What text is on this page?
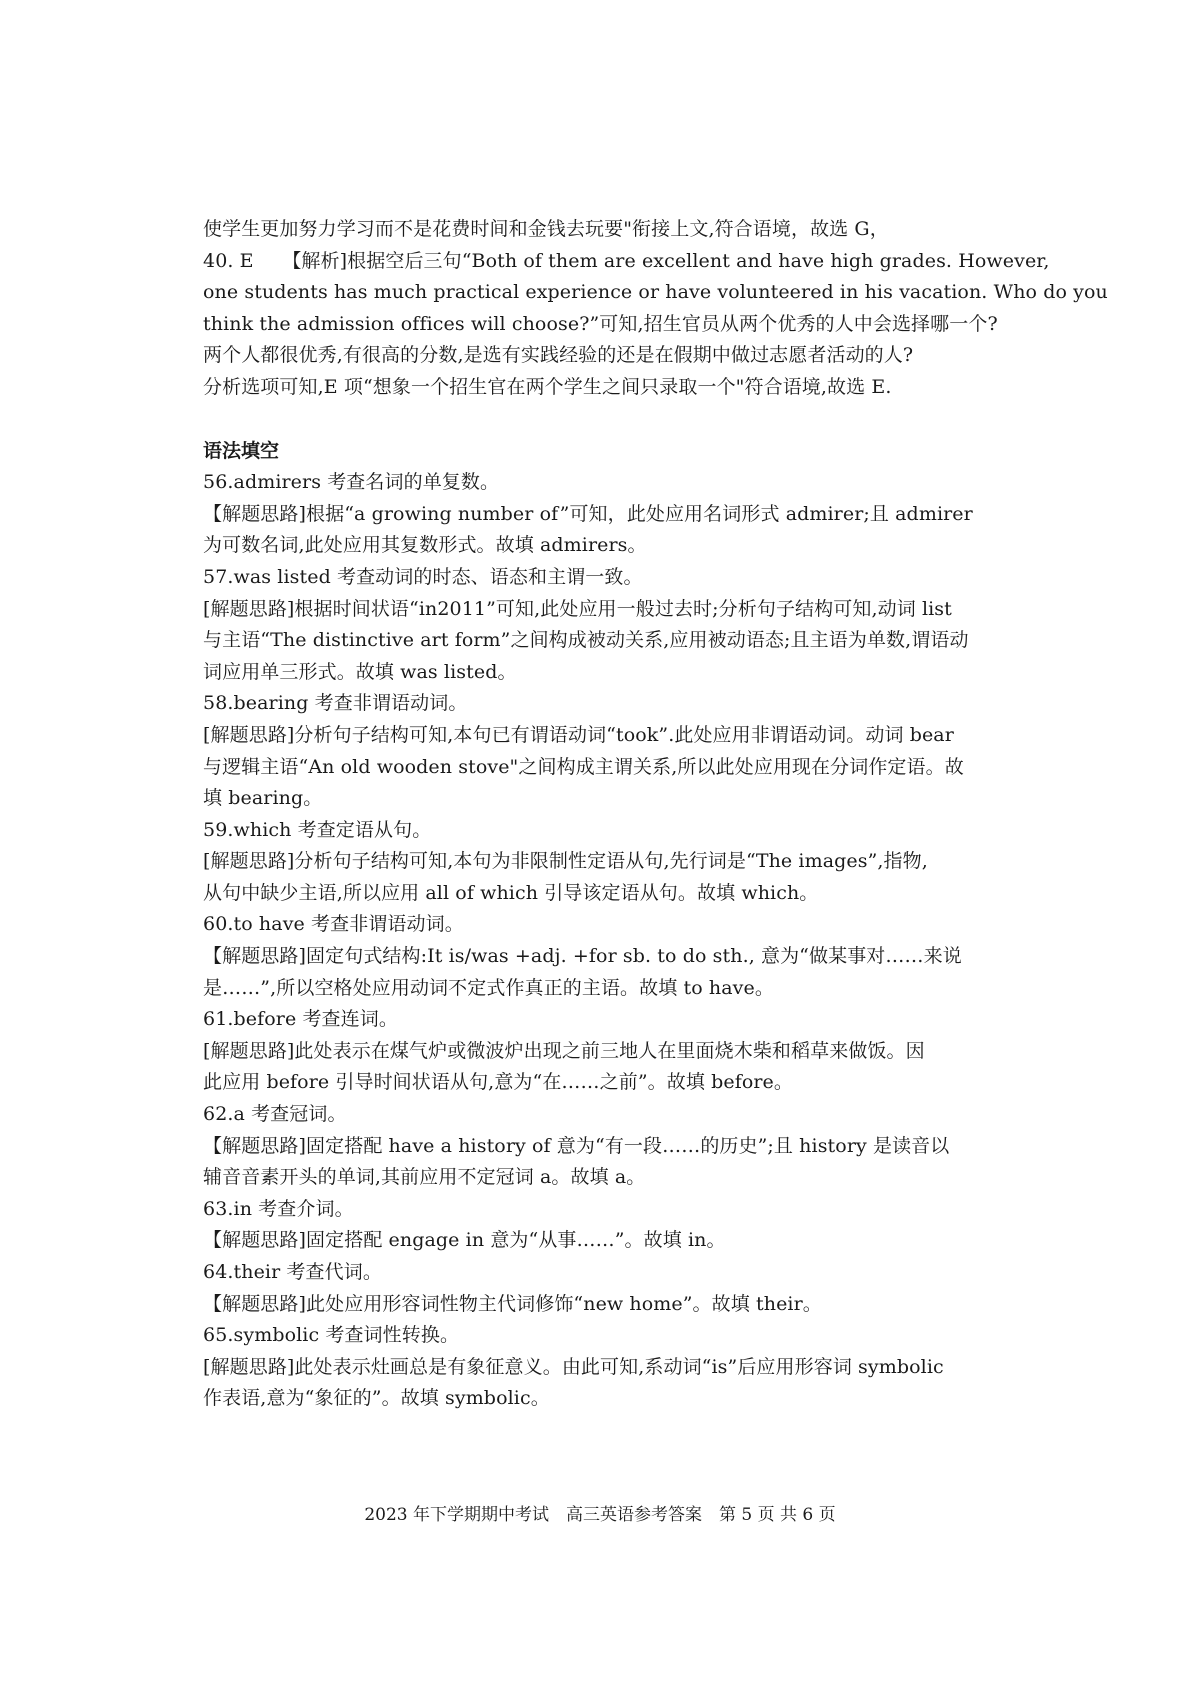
使学生更加努力学习而不是花费时间和金钱去玩要"衔接上文,符合语境，故选 G，
40. E　　【解析]根据空后三句“Both of them are excellent and have high grades. However,
one students has much practical experience or have volunteered in his vacation. Who do you
think the admission offices will choose?”可知,招生官员从两个优秀的人中会选择哪一个?
两个人都很优秀,有很高的分数,是选有实践经验的还是在假期中做过志愿者活动的人?
分析选项可知,E 项“想象一个招生官在两个学生之间只录取一个"符合语境,故选 E.
语法填空
56.admirers 考查名词的单复数。
【解题思路]根据“a growing number of”可知，此处应用名词形式 admirer;且 admirer
为可数名词,此处应用其复数形式。故填 admirers。
57.was listed 考查动词的时态、语态和主谓一致。
[解题思路]根据时间状语“in2011”可知,此处应用一般过去时;分析句子结构可知,动词 list
与主语“The distinctive art form”之间构成被动关系,应用被动语态;且主语为单数,谓语动
词应用单三形式。故填 was listed。
58.bearing 考查非谓语动词。
[解题思路]分析句子结构可知,本句已有谓语动词“took”.此处应用非谓语动词。动词 bear
与逻辑主语“An old wooden stove"之间构成主谓关系,所以此处应用现在分词作定语。故
填 bearing。
59.which 考查定语从句。
[解题思路]分析句子结构可知,本句为非限制性定语从句,先行词是“The images”,指物,
从句中缺少主语,所以应用 all of which 引导该定语从句。故填 which。
60.to have 考查非谓语动词。
【解题思路]固定句式结构:It is/was +adj. +for sb. to do sth., 意为“做某事对……来说
是……”,所以空格处应用动词不定式作真正的主语。故填 to have。
61.before 考查连词。
[解题思路]此处表示在煤气炉或微波炉出现之前三地人在里面烧木柴和稻草来做饭。因
此应用 before 引导时间状语从句,意为“在……之前”。故填 before。
62.a 考查冠词。
【解题思路]固定搭配 have a history of 意为“有一段……的历史”;且 history 是读音以
辅音音素开头的单词,其前应用不定冠词 a。故填 a。
63.in 考查介词。
【解题思路]固定搭配 engage in 意为“从事……”。故填 in。
64.their 考查代词。
【解题思路]此处应用形容词性物主代词修饰“new home”。故填 their。
65.symbolic 考查词性转换。
[解题思路]此处表示灶画总是有象征意义。由此可知,系动词“is”后应用形容词 symbolic
作表语,意为“象征的”。故填 symbolic。
2023 年下学期期中考试　高三英语参考答案　第 5 页 共 6 页
